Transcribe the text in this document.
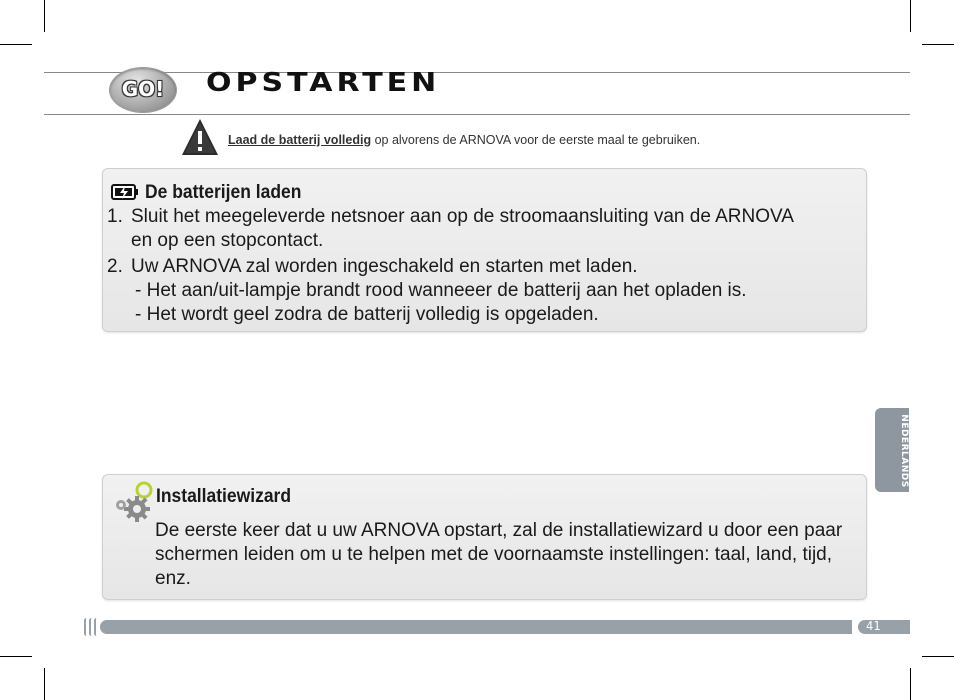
GO!	OPSTARTEN
Laad de batterij volledig op alvorens de ARNOVA voor de eerste maal te gebruiken.
De batterijen laden
1. Sluit het meegeleverde netsnoer aan op de stroomaansluiting van de ARNOVA
en op een stopcontact.
2. Uw ARNOVA zal worden ingeschakeld en starten met laden.
- Het aan/uit-lampje brandt rood wanneeer de batterij aan het opladen is.
- Het wordt geel zodra de batterij volledig is opgeladen.
NEDERLANDS
Installatiewizard
De eerste keer dat u uw ARNOVA opstart, zal de installatiewizard u door een paar schermen leiden om u te helpen met de voornaamste instellingen: taal, land, tijd, enz.
41
